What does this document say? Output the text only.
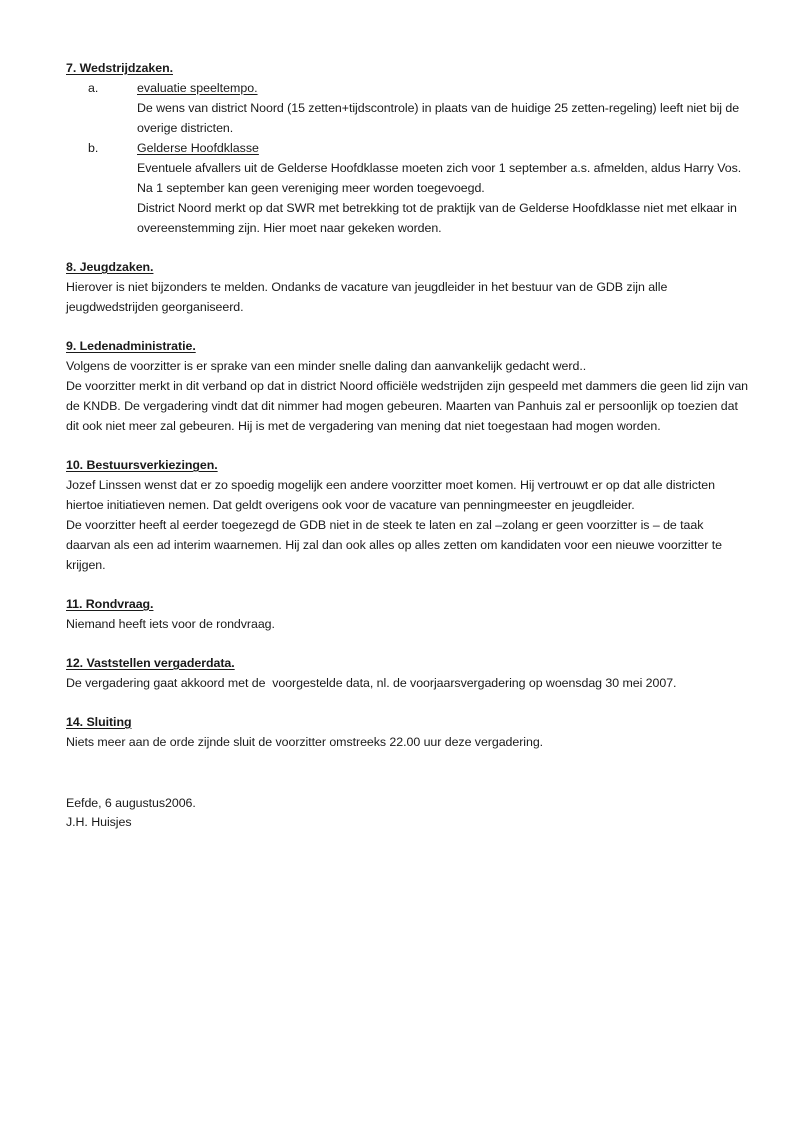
7. Wedstrijdzaken.
a.	evaluatie speeltempo.

De wens van district Noord (15 zetten+tijdscontrole) in plaats van de huidige 25 zetten-regeling) leeft niet bij de overige districten.

b.	Gelderse Hoofdklasse

Eventuele afvallers uit de Gelderse Hoofdklasse moeten zich voor 1 september a.s. afmelden, aldus Harry Vos. Na 1 september kan geen vereniging meer worden toegevoegd.

District Noord merkt op dat SWR met betrekking tot de praktijk van de Gelderse Hoofdklasse niet met elkaar in overeenstemming zijn. Hier moet naar gekeken worden.

8. Jeugdzaken.

Hierover is niet bijzonders te melden. Ondanks de vacature van jeugdleider in het bestuur van de GDB zijn alle jeugdwedstrijden georganiseerd.

9. Ledenadministratie.

Volgens de voorzitter is er sprake van een minder snelle daling dan aanvankelijk gedacht werd..

De voorzitter merkt in dit verband op dat in district Noord officiële wedstrijden zijn gespeeld met dammers die geen lid zijn van de KNDB. De vergadering vindt dat dit nimmer had mogen gebeuren. Maarten van Panhuis zal er persoonlijk op toezien dat dit ook niet meer zal gebeuren. Hij is met de vergadering van mening dat niet toegestaan had mogen worden.

10. Bestuursverkiezingen.

Jozef Linssen wenst dat er zo spoedig mogelijk een andere voorzitter moet komen. Hij vertrouwt er op dat alle districten hiertoe initiatieven nemen. Dat geldt overigens ook voor de vacature van penningmeester en jeugdleider.

De voorzitter heeft al eerder toegezegd de GDB niet in de steek te laten en zal –zolang er geen voorzitter is – de taak daarvan als een ad interim waarnemen. Hij zal dan ook alles op alles zetten om kandidaten voor een nieuwe voorzitter te krijgen.

11. Rondvraag.

Niemand heeft iets voor de rondvraag.

12. Vaststellen vergaderdata.

De vergadering gaat akkoord met de  voorgestelde data, nl. de voorjaarsvergadering op woensdag 30 mei 2007.

14. Sluiting

Niets meer aan de orde zijnde sluit de voorzitter omstreeks 22.00 uur deze vergadering.

Eefde, 6 augustus2006.

J.H. Huisjes
